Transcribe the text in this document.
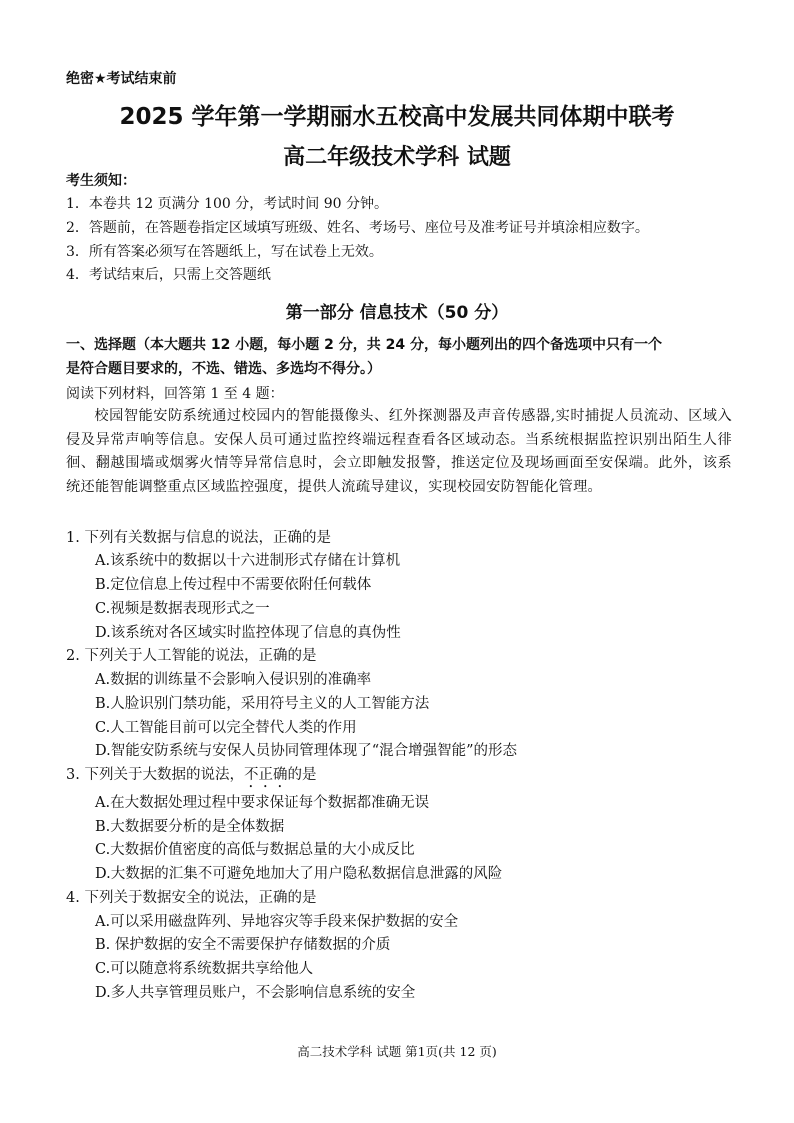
绝密★考试结束前
2025 学年第一学期丽水五校高中发展共同体期中联考
高二年级技术学科 试题
考生须知：
1．本卷共 12 页满分 100 分，考试时间 90 分钟。
2．答题前，在答题卷指定区域填写班级、姓名、考场号、座位号及准考证号并填涂相应数字。
3．所有答案必须写在答题纸上，写在试卷上无效。
4．考试结束后，只需上交答题纸
第一部分 信息技术（50 分）
一、选择题（本大题共 12 小题，每小题 2 分，共 24 分，每小题列出的四个备选项中只有一个
是符合题目要求的，不选、错选、多选均不得分。）
阅读下列材料，回答第 1 至 4 题：
校园智能安防系统通过校园内的智能摄像头、红外探测器及声音传感器,实时捕捉人员流动、区域入侵及异常声响等信息。安保人员可通过监控终端远程查看各区域动态。当系统根据监控识别出陌生人徘徊、翻越围墙或烟雾火情等异常信息时，会立即触发报警，推送定位及现场画面至安保端。此外，该系统还能智能调整重点区域监控强度，提供人流疏导建议，实现校园安防智能化管理。
1. 下列有关数据与信息的说法，正确的是
A.该系统中的数据以十六进制形式存储在计算机
B.定位信息上传过程中不需要依附任何载体
C.视频是数据表现形式之一
D.该系统对各区域实时监控体现了信息的真伪性
2. 下列关于人工智能的说法，正确的是
A.数据的训练量不会影响入侵识别的准确率
B.人脸识别门禁功能，采用符号主义的人工智能方法
C.人工智能目前可以完全替代人类的作用
D.智能安防系统与安保人员协同管理体现了“混合增强智能”的形态
3. 下列关于大数据的说法，不正确的是
A.在大数据处理过程中要求保证每个数据都准确无误
B.大数据要分析的是全体数据
C.大数据价值密度的高低与数据总量的大小成反比
D.大数据的汇集不可避免地加大了用户隐私数据信息泄露的风险
4. 下列关于数据安全的说法，正确的是
A.可以采用磁盘阵列、异地容灾等手段来保护数据的安全
B. 保护数据的安全不需要保护存储数据的介质
C.可以随意将系统数据共享给他人
D.多人共享管理员账户，不会影响信息系统的安全
高二技术学科 试题 第1页(共 12 页)
